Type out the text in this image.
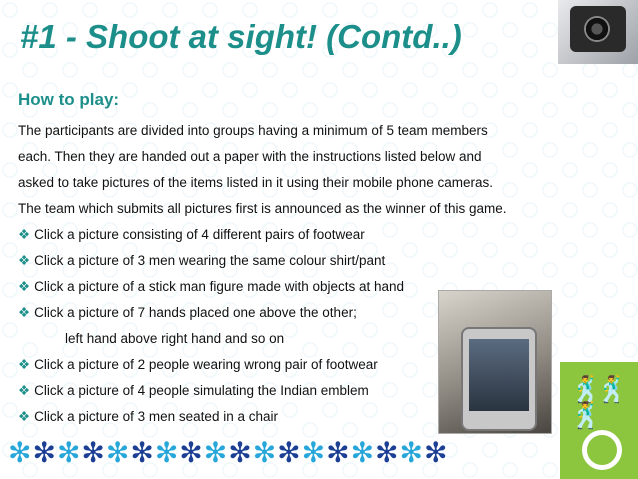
#1 - Shoot at sight! (Contd..)
How to play:

The participants are divided into groups having a minimum of 5 team members
each. Then they are handed out a paper with the instructions listed below and
asked to take pictures of the items listed in it using their mobile phone cameras.
The team which submits all pictures first is announced as the winner of this game.

❖ Click a picture consisting of 4 different pairs of footwear
❖ Click a picture of 3 men wearing the same colour shirt/pant
❖ Click a picture of a stick man figure made with objects at hand
❖ Click a picture of 7 hands placed one above the other;
left hand above right hand and so on
❖ Click a picture of 2 people wearing wrong pair of footwear
❖ Click a picture of 4 people simulating the Indian emblem
❖ Click a picture of 3 men seated in a chair
🕺🕺🕺
✻✻✻✻✻✻✻✻✻✻✻✻✻✻✻✻✻✻
